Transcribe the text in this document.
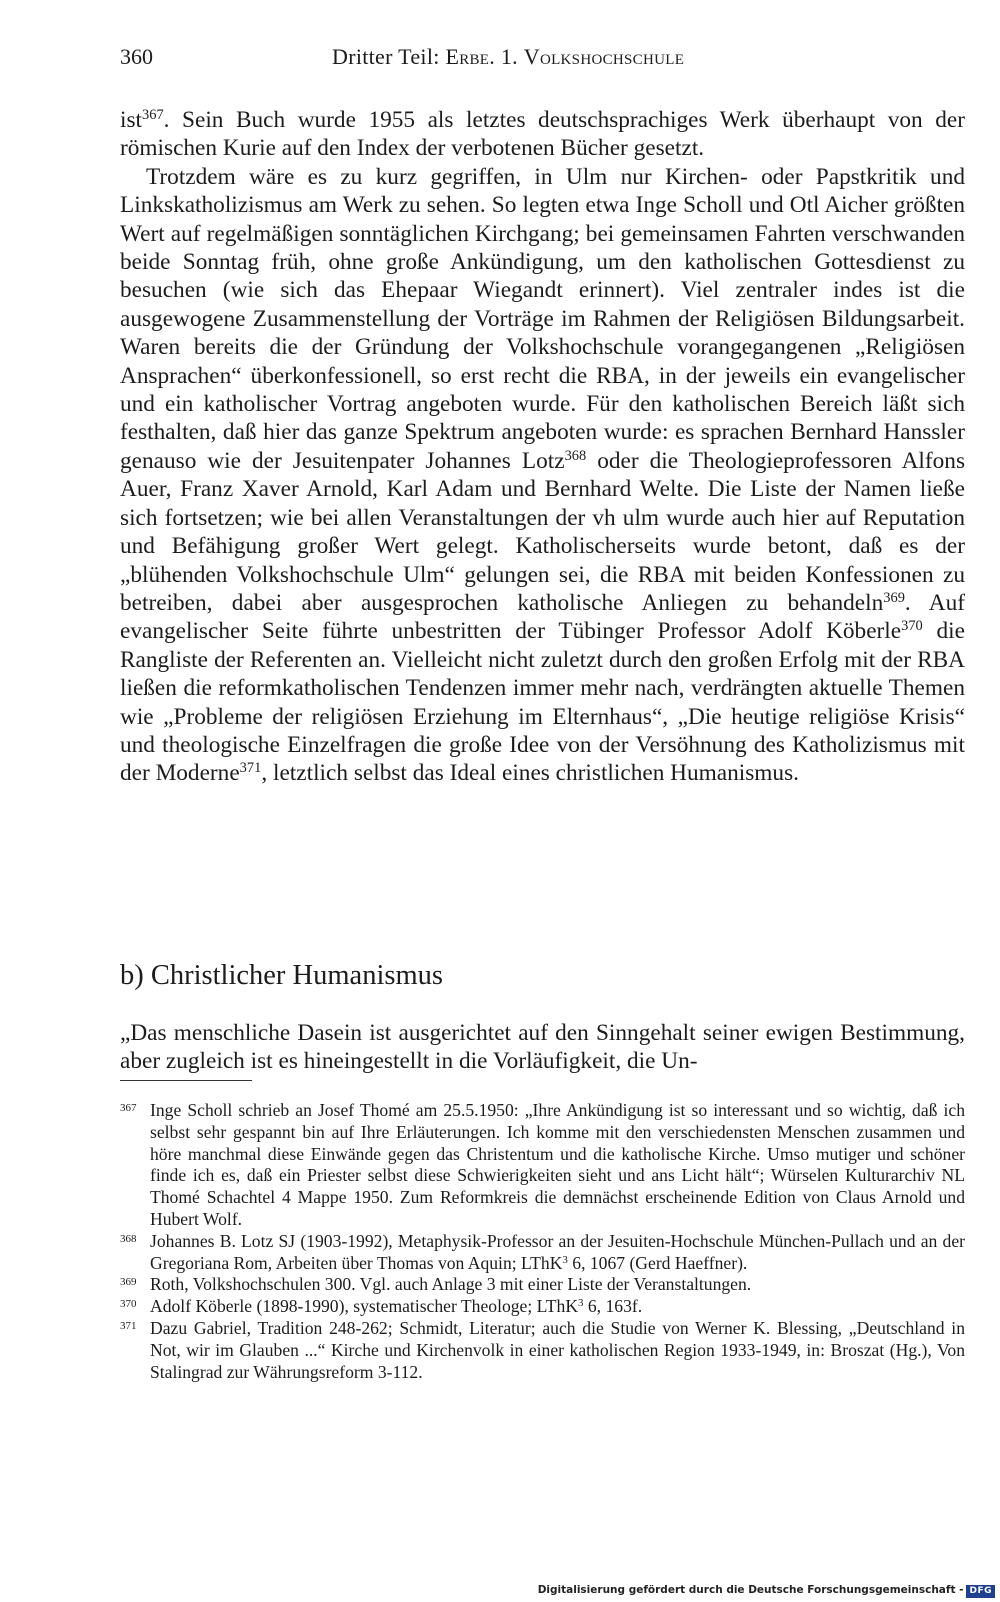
360	Dritter Teil: Erbe. 1. Volkshochschule

ist$^{367}$. Sein Buch wurde 1955 als letztes deutschsprachiges Werk überhaupt von der römischen Kurie auf den Index der verbotenen Bücher gesetzt.

Trotzdem wäre es zu kurz gegriffen, in Ulm nur Kirchen- oder Papstkritik und Linkskatholizismus am Werk zu sehen. So legten etwa Inge Scholl und Otl Aicher größten Wert auf regelmäßigen sonntäglichen Kirchgang; bei gemeinsamen Fahrten verschwanden beide Sonntag früh, ohne große Ankündigung, um den katholischen Gottesdienst zu besuchen (wie sich das Ehepaar Wiegandt erinnert). Viel zentraler indes ist die ausgewogene Zusammenstellung der Vorträge im Rahmen der Religiösen Bildungsarbeit. Waren bereits die der Gründung der Volkshochschule vorangegangenen „Religiösen Ansprachen“ überkonfessionell, so erst recht die RBA, in der jeweils ein evangelischer und ein katholischer Vortrag angeboten wurde. Für den katholischen Bereich läßt sich festhalten, daß hier das ganze Spektrum angeboten wurde: es sprachen Bernhard Hanssler genauso wie der Jesuitenpater Johannes Lotz$^{368}$ oder die Theologieprofessoren Alfons Auer, Franz Xaver Arnold, Karl Adam und Bernhard Welte. Die Liste der Namen ließe sich fortsetzen; wie bei allen Veranstaltungen der vh ulm wurde auch hier auf Reputation und Befähigung großer Wert gelegt. Katholischerseits wurde betont, daß es der „blühenden Volkshochschule Ulm“ gelungen sei, die RBA mit beiden Konfessionen zu betreiben, dabei aber ausgesprochen katholische Anliegen zu behandeln$^{369}$. Auf evangelischer Seite führte unbestritten der Tübinger Professor Adolf Köberle$^{370}$ die Rangliste der Referenten an. Vielleicht nicht zuletzt durch den großen Erfolg mit der RBA ließen die reformkatholischen Tendenzen immer mehr nach, verdrängten aktuelle Themen wie „Probleme der religiösen Erziehung im Elternhaus“, „Die heutige religiöse Krisis“ und theologische Einzelfragen die große Idee von der Versöhnung des Katholizismus mit der Moderne$^{371}$, letztlich selbst das Ideal eines christlichen Humanismus.

b) Christlicher Humanismus

„Das menschliche Dasein ist ausgerichtet auf den Sinngehalt seiner ewigen Bestimmung, aber zugleich ist es hineingestellt in die Vorläufigkeit, die Un-

367 Inge Scholl schrieb an Josef Thomé am 25.5.1950: „Ihre Ankündigung ist so interessant und so wichtig, daß ich selbst sehr gespannt bin auf Ihre Erläuterungen. Ich komme mit den verschiedensten Menschen zusammen und höre manchmal diese Einwände gegen das Christentum und die katholische Kirche. Umso mutiger und schöner finde ich es, daß ein Priester selbst diese Schwierigkeiten sieht und ans Licht hält“; Würselen Kulturarchiv NL Thomé Schachtel 4 Mappe 1950. Zum Reformkreis die demnächst erscheinende Edition von Claus Arnold und Hubert Wolf.

368 Johannes B. Lotz SJ (1903-1992), Metaphysik-Professor an der Jesuiten-Hochschule München-Pullach und an der Gregoriana Rom, Arbeiten über Thomas von Aquin; LThK$^3$ 6, 1067 (Gerd Haeffner).

369 Roth, Volkshochschulen 300. Vgl. auch Anlage 3 mit einer Liste der Veranstaltungen.

370 Adolf Köberle (1898-1990), systematischer Theologe; LThK$^3$ 6, 163f.

371 Dazu Gabriel, Tradition 248-262; Schmidt, Literatur; auch die Studie von Werner K. Blessing, „Deutschland in Not, wir im Glauben ...“ Kirche und Kirchenvolk in einer katholischen Region 1933-1949, in: Broszat (Hg.), Von Stalingrad zur Währungsreform 3-112.

Digitalisierung gefördert durch die Deutsche Forschungsgemeinschaft - DFG
